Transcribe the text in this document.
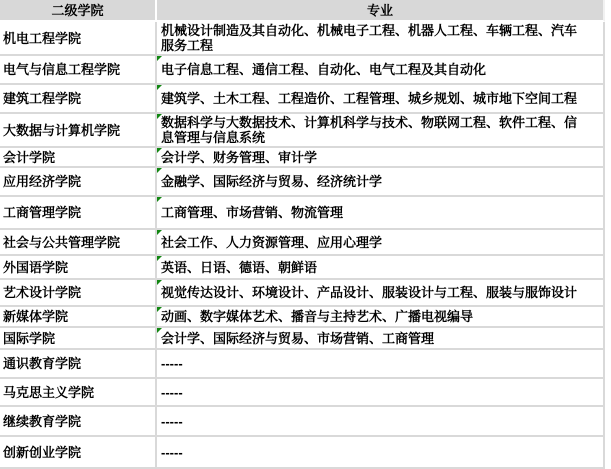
二级学院	专业
机电工程学院	机械设计制造及其自动化、机械电子工程、机器人工程、车辆工程、汽车服务工程
电气与信息工程学院	电子信息工程、通信工程、自动化、电气工程及其自动化
建筑工程学院	建筑学、土木工程、工程造价、工程管理、城乡规划、城市地下空间工程
大数据与计算机学院	数据科学与大数据技术、计算机科学与技术、物联网工程、软件工程、信息管理与信息系统
会计学院	会计学、财务管理、审计学
应用经济学院	金融学、国际经济与贸易、经济统计学
工商管理学院	工商管理、市场营销、物流管理
社会与公共管理学院	社会工作、人力资源管理、应用心理学
外国语学院	英语、日语、德语、朝鲜语
艺术设计学院	视觉传达设计、环境设计、产品设计、服装设计与工程、服装与服饰设计
新媒体学院	动画、数字媒体艺术、播音与主持艺术、广播电视编导
国际学院	会计学、国际经济与贸易、市场营销、工商管理
通识教育学院	-----
马克思主义学院	-----
继续教育学院	-----
创新创业学院	-----
